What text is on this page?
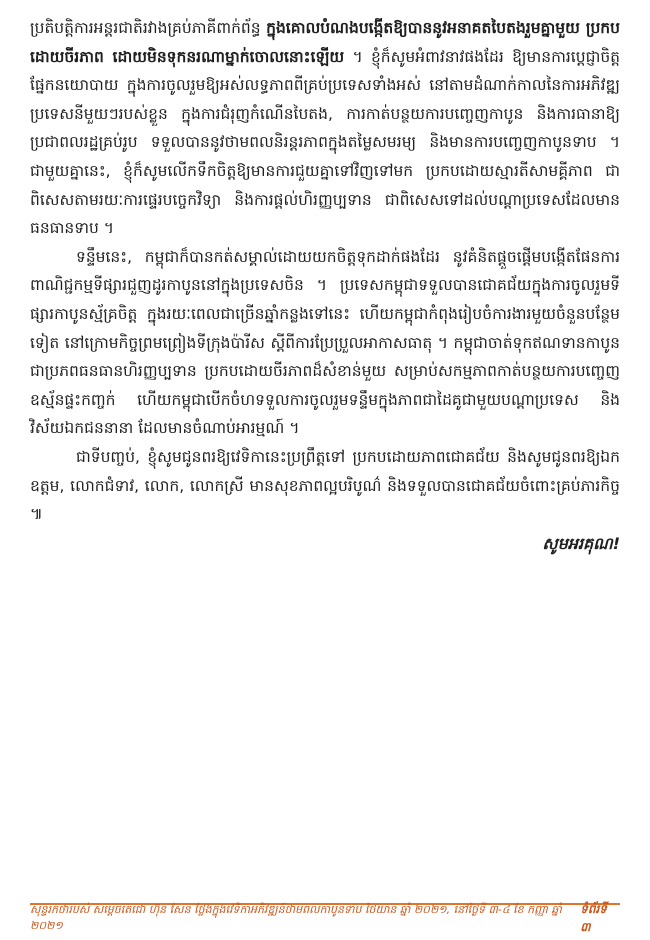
ប្រតិបត្តិការអន្តរជាតិរវាងគ្រប់ភាគីពាក់ព័ន្ធ ក្នុងគោលបំណងបង្កើតឱ្យបាននូវអនាគតបៃតងរួមគ្នាមួយ ប្រកបដោយចីរភាព ដោយមិនទុកនរណាម្នាក់ចោលនោះឡើយ ។ ខ្ញុំក៏សូមអំពាវនាវផងដែរ ឱ្យមានការប្តេជ្ញាចិត្តផ្នែកនយោបាយ ក្នុងការចូលរួមឱ្យអស់លទ្ធភាពពីគ្រប់ប្រទេសទាំងអស់ នៅតាមដំណាក់កាលនៃការអភិវឌ្ឍប្រទេសនីមួយៗរបស់ខ្លួន ក្នុងការជំរុញកំណើនបៃតង, ការកាត់បន្ថយការបញ្ចេញកាបូន និងការធានាឱ្យប្រជាពលរដ្ឋគ្រប់រូប ទទួលបាននូវថាមពលនិរន្តរភាពក្នុងតម្លៃសមរម្យ និងមានការបញ្ចេញកាបូនទាប ។ ជាមួយគ្នានេះ, ខ្ញុំក៏សូមលើកទឹកចិត្តឱ្យមានការជួយគ្នាទៅវិញទៅមក ប្រកបដោយស្មារតីសាមគ្គីភាព ជាពិសេសតាមរយៈការផ្ទេរបច្ចេកវិទ្យា និងការផ្តល់ហិរញ្ញប្បទាន ជាពិសេសទៅដល់បណ្តាប្រទេសដែលមានធនធានទាប ។

ទន្ទឹមនេះ, កម្ពុជាក៏បានកត់សម្គាល់ដោយយកចិត្តទុកដាក់ផងដែរ នូវគំនិតផ្តួចផ្តើមបង្កើតផែនការពាណិជ្ជកម្មទីផ្សារជួញដូរកាបូននៅក្នុងប្រទេសចិន ។ ប្រទេសកម្ពុជាទទួលបានជោគជ័យក្នុងការចូលរួមទីផ្សារកាបូនស្ម័គ្រចិត្ត ក្នុងរយៈពេលជាច្រើនឆ្នាំកន្លងទៅនេះ ហើយកម្ពុជាកំពុងរៀបចំការងារមួយចំនួនបន្ថែមទៀត នៅក្រោមកិច្ចព្រមព្រៀងទីក្រុងប៉ារីស ស្តីពីការប្រែប្រួលអាកាសធាតុ ។ កម្ពុជាចាត់ទុកឥណទានកាបូនជាប្រភពធនធានហិរញ្ញប្បទាន ប្រកបដោយចីរភាពដ៏សំខាន់មួយ សម្រាប់សកម្មភាពកាត់បន្ថយការបញ្ចេញឧស្ម័នផ្ទះកញ្ចក់ ហើយកម្ពុជាបើកចំហទទួលការចូលរួមទន្ទឹមក្នុងភាពជាដៃគូជាមួយបណ្តាប្រទេស និងវិស័យឯកជននានា ដែលមានចំណាប់អារម្មណ៍ ។

ជាទីបញ្ចប់, ខ្ញុំសូមជូនពរឱ្យវេទិកានេះប្រព្រឹត្តទៅ ប្រកបដោយភាពជោគជ័យ និងសូមជូនពរឱ្យឯកឧត្តម, លោកជំទាវ, លោក, លោកស្រី មានសុខភាពល្អបរិបូណ៌ និងទទួលបានជោគជ័យចំពោះគ្រប់ភារកិច្ច ៕

សូមអរគុណ!
សុន្ទរកថារបស់ សម្តេចតេជោ ហ៊ុន សែន ថ្លែងក្នុងវេទិកាអភិវឌ្ឍន៍ថាមពលកាបូនទាប ថៃយាន ឆ្នាំ ២០២១, នៅថ្ងៃទី ៣-៤ ខែ កញ្ញា ឆ្នាំ ២០២១
ទំព័រទី ៣
